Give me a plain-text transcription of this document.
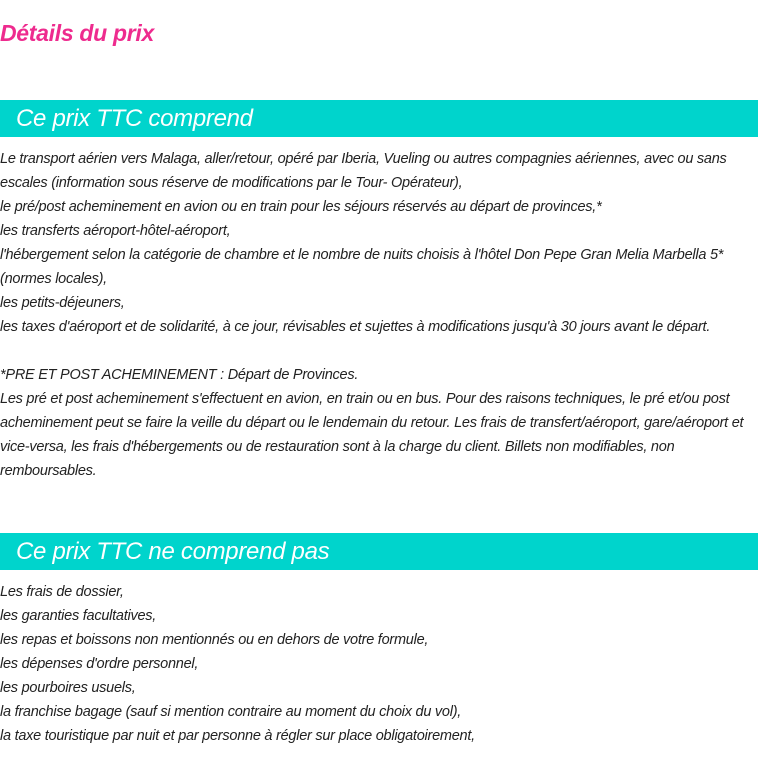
Détails du prix
Ce prix TTC comprend

Le transport aérien vers Malaga, aller/retour, opéré par Iberia, Vueling ou autres compagnies aériennes, avec ou sans escales (information sous réserve de modifications par le Tour- Opérateur),

le pré/post acheminement en avion ou en train pour les séjours réservés au départ de provinces,*

les transferts aéroport-hôtel-aéroport,

l'hébergement selon la catégorie de chambre et le nombre de nuits choisis à l'hôtel Don Pepe Gran Melia Marbella 5* (normes locales),

les petits-déjeuners,

les taxes d'aéroport et de solidarité, à ce jour, révisables et sujettes à modifications jusqu'à 30 jours avant le départ.

*PRE ET POST ACHEMINEMENT : Départ de Provinces.

Les pré et post acheminement s'effectuent en avion, en train ou en bus. Pour des raisons techniques, le pré et/ou post acheminement peut se faire la veille du départ ou le lendemain du retour. Les frais de transfert/aéroport, gare/aéroport et vice-versa, les frais d'hébergements ou de restauration sont à la charge du client. Billets non modifiables, non remboursables.

Ce prix TTC ne comprend pas

Les frais de dossier,

les garanties facultatives,

les repas et boissons non mentionnés ou en dehors de votre formule,

les dépenses d'ordre personnel,

les pourboires usuels,

la franchise bagage (sauf si mention contraire au moment du choix du vol),

la taxe touristique par nuit et par personne à régler sur place obligatoirement,
